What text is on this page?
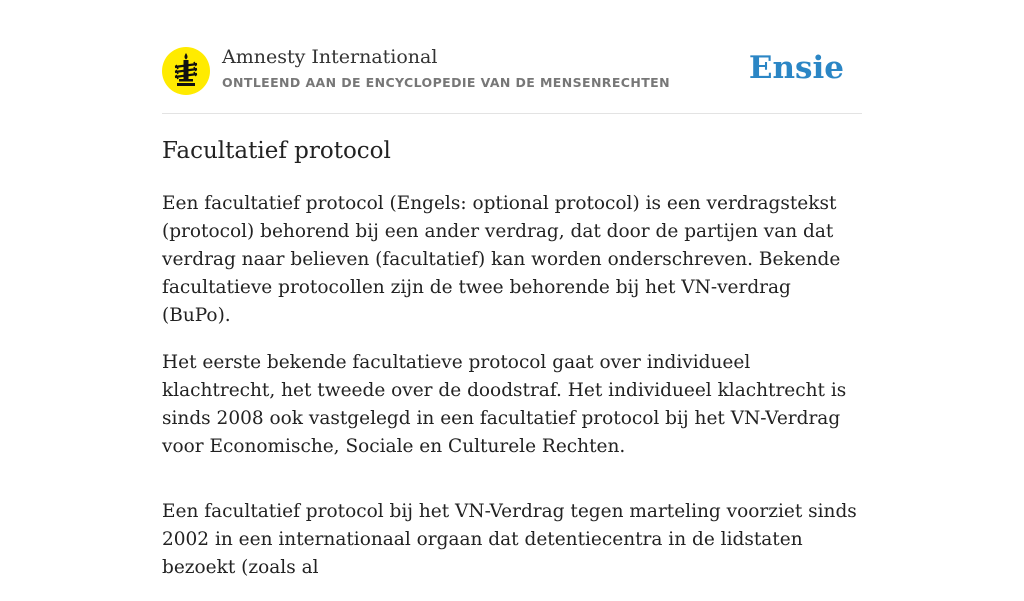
Amnesty International
ONTLEEND AAN DE ENCYCLOPEDIE VAN DE MENSENRECHTEN	Ensie
Facultatief protocol

Een facultatief protocol (Engels: optional protocol) is een verdragstekst (protocol) behorend bij een ander verdrag, dat door de partijen van dat verdrag naar believen (facultatief) kan worden onderschreven. Bekende facultatieve protocollen zijn de twee behorende bij het VN-verdrag (BuPo).

Het eerste bekende facultatieve protocol gaat over individueel klachtrecht, het tweede over de doodstraf. Het individueel klachtrecht is sinds 2008 ook vastgelegd in een facultatief protocol bij het VN-Verdrag voor Economische, Sociale en Culturele Rechten.

Een facultatief protocol bij het VN-Verdrag tegen marteling voorziet sinds 2002 in een internationaal orgaan dat detentiecentra in de lidstaten bezoekt (zoals al
